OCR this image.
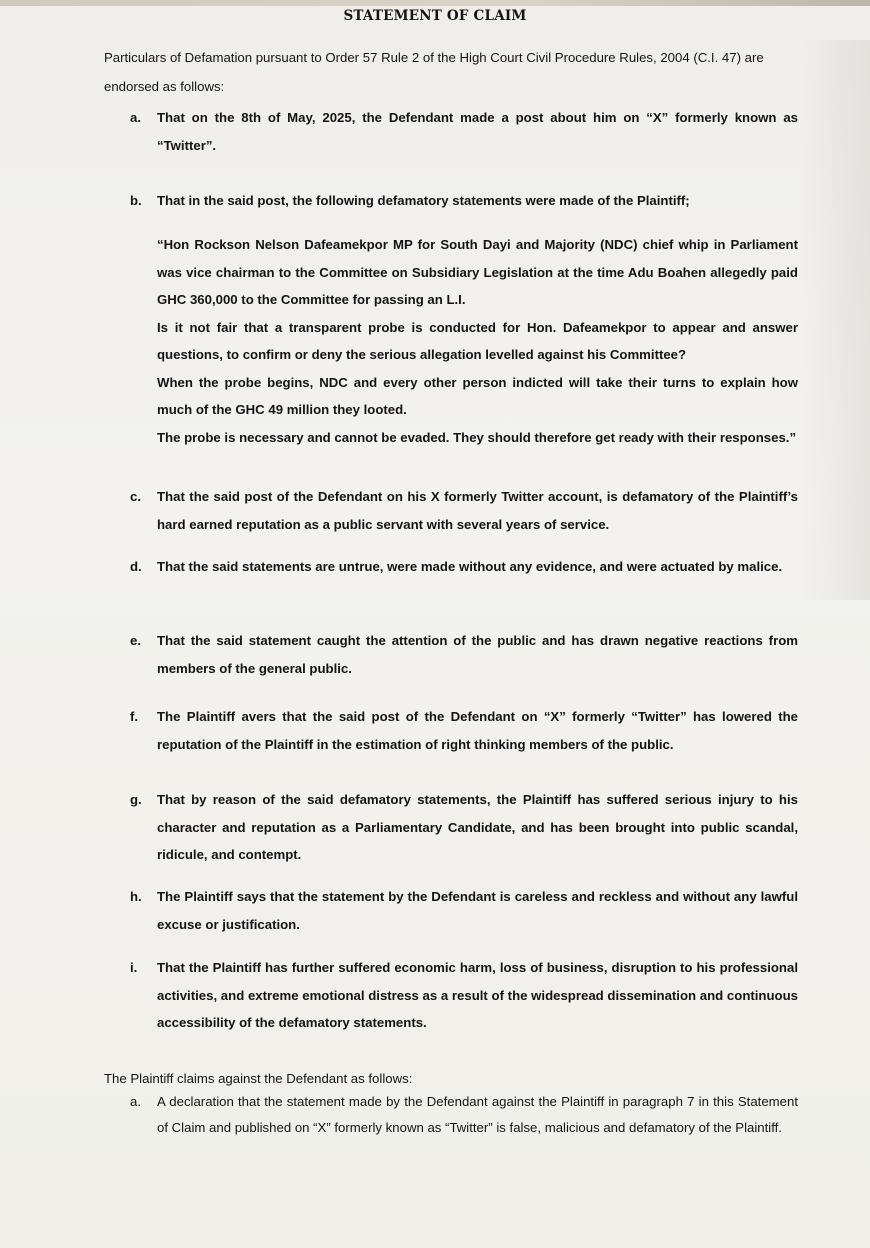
STATEMENT OF CLAIM
Particulars of Defamation pursuant to Order 57 Rule 2 of the High Court Civil Procedure Rules, 2004 (C.I. 47) are endorsed as follows:
a. That on the 8th of May, 2025, the Defendant made a post about him on “X” formerly known as “Twitter”.
b. That in the said post, the following defamatory statements were made of the Plaintiff;

“Hon Rockson Nelson Dafeamekpor MP for South Dayi and Majority (NDC) chief whip in Parliament was vice chairman to the Committee on Subsidiary Legislation at the time Adu Boahen allegedly paid GHC 360,000 to the Committee for passing an L.I.

Is it not fair that a transparent probe is conducted for Hon. Dafeamekpor to appear and answer questions, to confirm or deny the serious allegation levelled against his Committee?

When the probe begins, NDC and every other person indicted will take their turns to explain how much of the GHC 49 million they looted.

The probe is necessary and cannot be evaded. They should therefore get ready with their responses.”

c. That the said post of the Defendant on his X formerly Twitter account, is defamatory of the Plaintiff’s hard earned reputation as a public servant with several years of service.
d. That the said statements are untrue, were made without any evidence, and were actuated by malice.
e. That the said statement caught the attention of the public and has drawn negative reactions from members of the general public.
f. The Plaintiff avers that the said post of the Defendant on “X” formerly “Twitter” has lowered the reputation of the Plaintiff in the estimation of right thinking members of the public.
g. That by reason of the said defamatory statements, the Plaintiff has suffered serious injury to his character and reputation as a Parliamentary Candidate, and has been brought into public scandal, ridicule, and contempt.
h. The Plaintiff says that the statement by the Defendant is careless and reckless and without any lawful excuse or justification.
i. That the Plaintiff has further suffered economic harm, loss of business, disruption to his professional activities, and extreme emotional distress as a result of the widespread dissemination and continuous accessibility of the defamatory statements.
The Plaintiff claims against the Defendant as follows:
a. A declaration that the statement made by the Defendant against the Plaintiff in paragraph 7 in this Statement of Claim and published on “X” formerly known as “Twitter” is false, malicious and defamatory of the Plaintiff.
